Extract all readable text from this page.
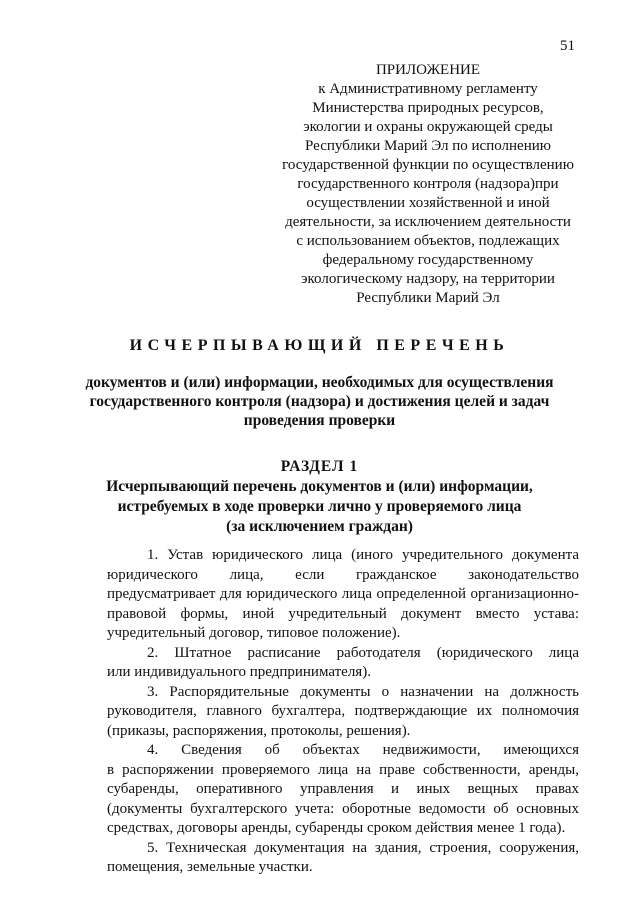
51
ПРИЛОЖЕНИЕ
к Административному регламенту
Министерства природных ресурсов,
экологии и охраны окружающей среды
Республики Марий Эл по исполнению
государственной функции по осуществлению
государственного контроля (надзора)при
осуществлении хозяйственной и иной
деятельности, за исключением деятельности
с использованием объектов, подлежащих
федеральному государственному
экологическому надзору, на территории
Республики Марий Эл
ИСЧЕРПЫВАЮЩИЙ ПЕРЕЧЕНЬ
документов и (или) информации, необходимых для осуществления
государственного контроля (надзора) и достижения целей и задач
проведения проверки
РАЗДЕЛ 1
Исчерпывающий перечень документов и (или) информации,
истребуемых в ходе проверки лично у проверяемого лица
(за исключением граждан)
1. Устав юридического лица (иного учредительного документа
юридического лица, если гражданское законодательство
предусматривает для юридического лица определенной организационно-
правовой формы, иной учредительный документ вместо устава:
учредительный договор, типовое положение).
2. Штатное расписание работодателя (юридического лица
или индивидуального предпринимателя).
3. Распорядительные документы о назначении на должность
руководителя, главного бухгалтера, подтверждающие их полномочия
(приказы, распоряжения, протоколы, решения).
4. Сведения об объектах недвижимости, имеющихся
в распоряжении проверяемого лица на праве собственности, аренды,
субаренды, оперативного управления и иных вещных правах
(документы бухгалтерского учета: оборотные ведомости об основных
средствах, договоры аренды, субаренды сроком действия менее 1 года).
5. Техническая документация на здания, строения, сооружения,
помещения, земельные участки.
